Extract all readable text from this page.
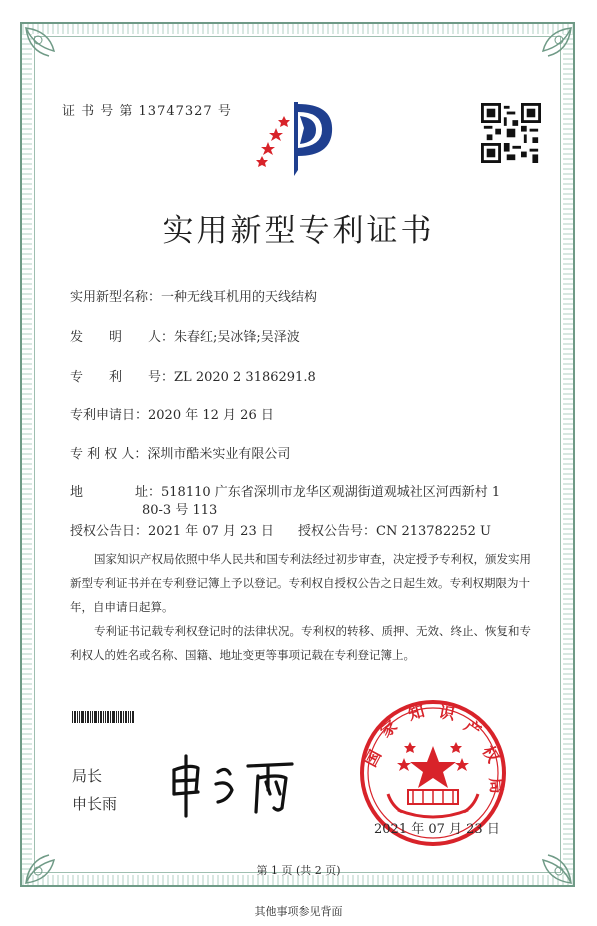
证 书 号 第 13747327 号
实用新型专利证书
实用新型名称：一种无线耳机用的天线结构
发　　明　　人：朱春红;吴冰锋;吴泽波
专　　利　　号：ZL 2020 2 3186291.8
专利申请日：2020 年 12 月 26 日
专 利 权 人：深圳市酷米实业有限公司
地　　　　址：518110 广东省深圳市龙华区观湖街道观城社区河西新村 1
80-3 号 113
授权公告日：2021 年 07 月 23 日 授权公告号：CN 213782252 U
国家知识产权局依照中华人民共和国专利法经过初步审查，决定授予专利权，颁发实用
新型专利证书并在专利登记簿上予以登记。专利权自授权公告之日起生效。专利权期限为十
年，自申请日起算。
专利证书记载专利权登记时的法律状况。专利权的转移、质押、无效、终止、恢复和专
利权人的姓名或名称、国籍、地址变更等事项记载在专利登记簿上。
局长
申长雨
国
家
知 识
产
权
局
2021 年 07 月 23 日
第 1 页 (共 2 页)
其他事项参见背面
